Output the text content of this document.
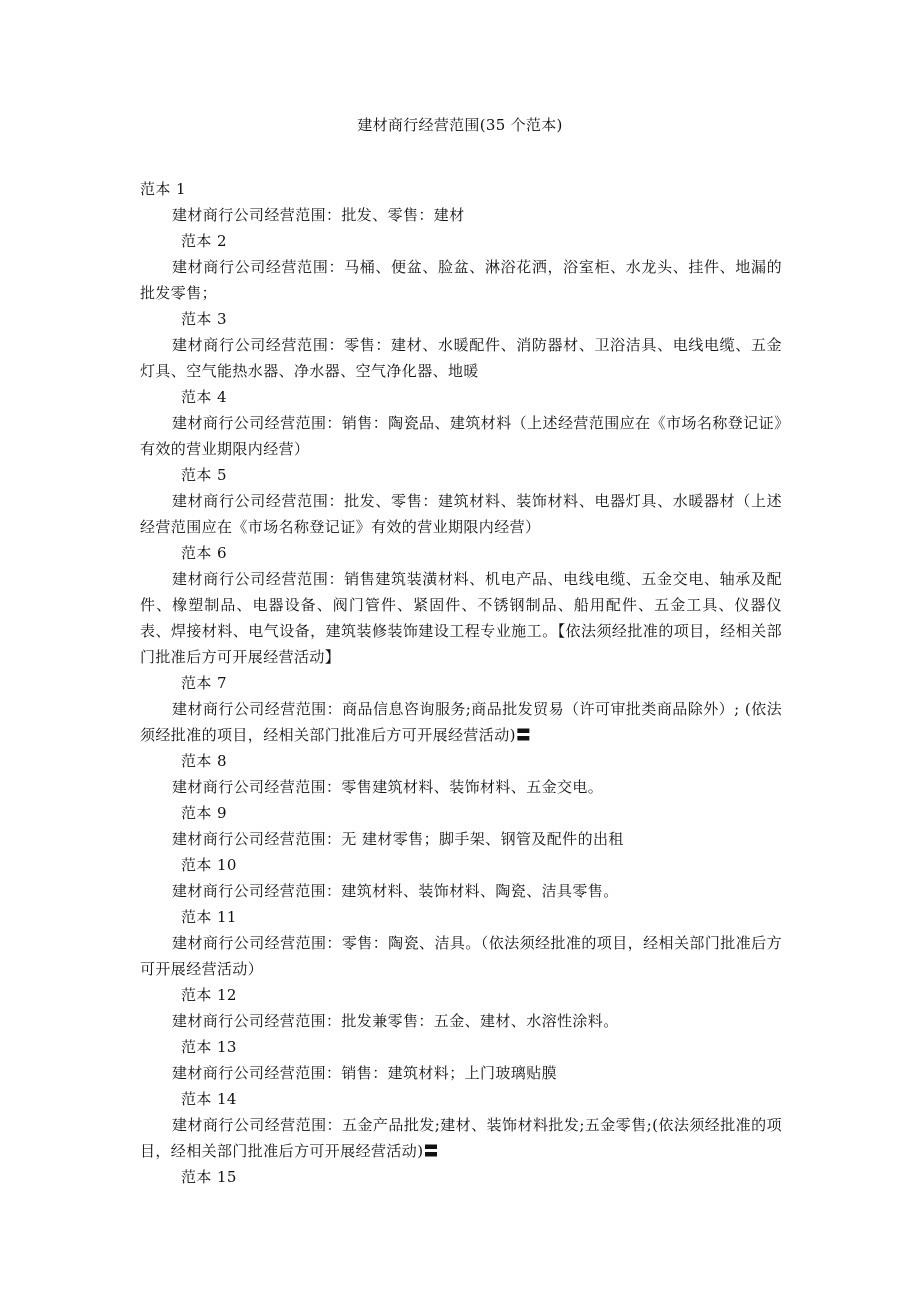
建材商行经营范围(35 个范本)

范本 1

建材商行公司经营范围：批发、零售：建材

范本 2

建材商行公司经营范围：马桶、便盆、脸盆、淋浴花洒，浴室柜、水龙头、挂件、地漏的批发零售；

范本 3

建材商行公司经营范围：零售：建材、水暖配件、消防器材、卫浴洁具、电线电缆、五金灯具、空气能热水器、净水器、空气净化器、地暖

范本 4

建材商行公司经营范围：销售：陶瓷品、建筑材料（上述经营范围应在《市场名称登记证》有效的营业期限内经营）

范本 5

建材商行公司经营范围：批发、零售：建筑材料、装饰材料、电器灯具、水暖器材（上述经营范围应在《市场名称登记证》有效的营业期限内经营）

范本 6

建材商行公司经营范围：销售建筑装潢材料、机电产品、电线电缆、五金交电、轴承及配件、橡塑制品、电器设备、阀门管件、紧固件、不锈钢制品、船用配件、五金工具、仪器仪表、焊接材料、电气设备，建筑装修装饰建设工程专业施工。【依法须经批准的项目，经相关部门批准后方可开展经营活动】

范本 7

建材商行公司经营范围：商品信息咨询服务;商品批发贸易（许可审批类商品除外）; (依法须经批准的项目，经相关部门批准后方可开展经营活动)〓

范本 8

建材商行公司经营范围：零售建筑材料、装饰材料、五金交电。

范本 9

建材商行公司经营范围：无 建材零售；脚手架、钢管及配件的出租

范本 10

建材商行公司经营范围：建筑材料、装饰材料、陶瓷、洁具零售。

范本 11

建材商行公司经营范围：零售：陶瓷、洁具。（依法须经批准的项目，经相关部门批准后方可开展经营活动）

范本 12

建材商行公司经营范围：批发兼零售：五金、建材、水溶性涂料。

范本 13

建材商行公司经营范围：销售：建筑材料；上门玻璃贴膜

范本 14

建材商行公司经营范围：五金产品批发;建材、装饰材料批发;五金零售;(依法须经批准的项目，经相关部门批准后方可开展经营活动)〓

范本 15
